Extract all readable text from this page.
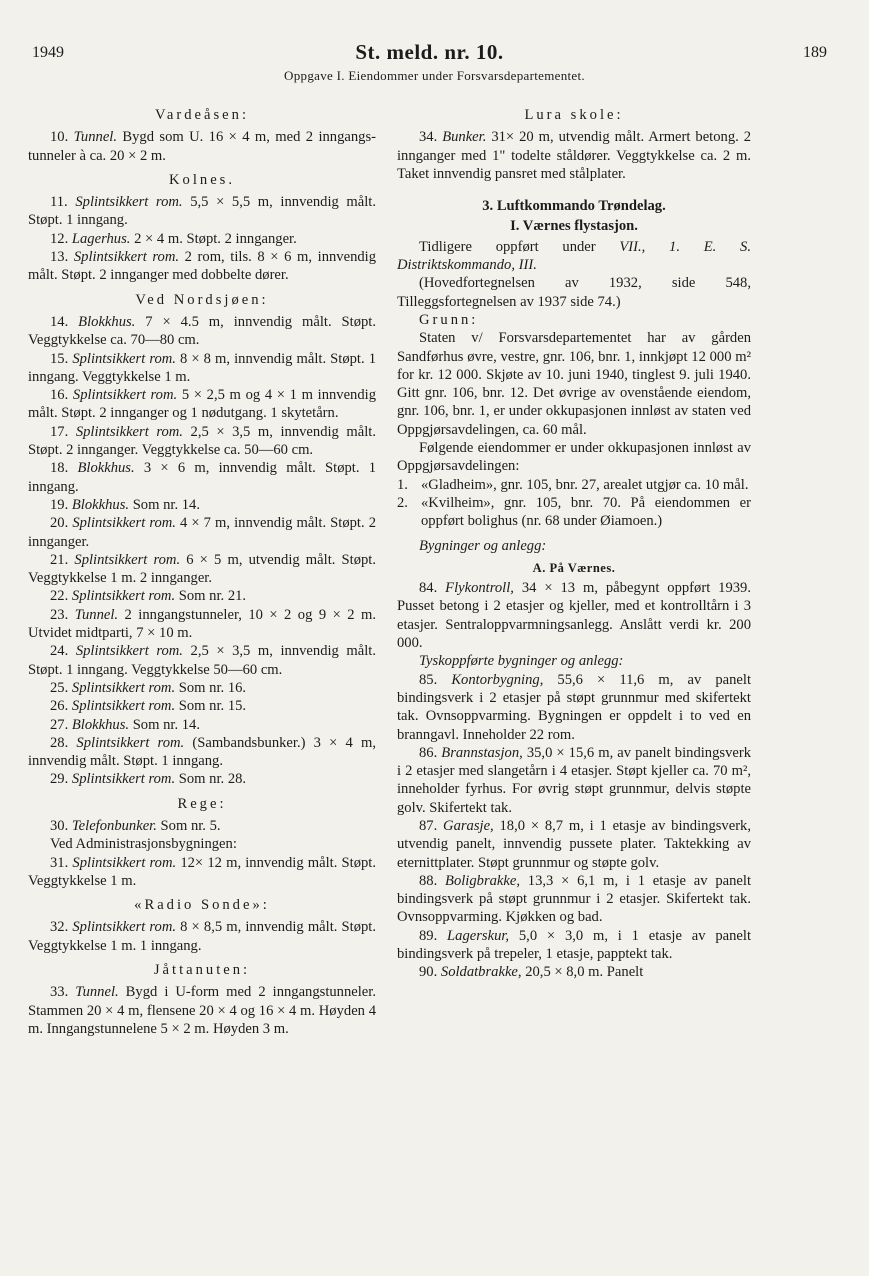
1949	St. meld. nr. 10.	189
Oppgave I. Eiendommer under Forsvarsdepartementet.
Vardeåsen:

10. Tunnel. Bygd som U. 16 × 4 m, med 2 inngangs-tunneler à ca. 20 × 2 m.

Kolnes.

11. Splintsikkert rom. 5,5 × 5,5 m, innvendig målt. Støpt. 1 inngang.

12. Lagerhus. 2 × 4 m. Støpt. 2 innganger.

13. Splintsikkert rom. 2 rom, tils. 8 × 6 m, innvendig målt. Støpt. 2 innganger med dobbelte dører.

Ved Nordsjøen:

14. Blokkhus. 7 × 4.5 m, innvendig målt. Støpt. Veggtykkelse ca. 70—80 cm.

15. Splintsikkert rom. 8 × 8 m, innvendig målt. Støpt. 1 inngang. Veggtykkelse 1 m.

16. Splintsikkert rom. 5 × 2,5 m og 4 × 1 m innvendig målt. Støpt. 2 innganger og 1 nødutgang. 1 skytetårn.

17. Splintsikkert rom. 2,5 × 3,5 m, innvendig målt. Støpt. 2 innganger. Veggtykkelse ca. 50—60 cm.

18. Blokkhus. 3 × 6 m, innvendig målt. Støpt. 1 inngang.

19. Blokkhus. Som nr. 14.

20. Splintsikkert rom. 4 × 7 m, innvendig målt. Støpt. 2 innganger.

21. Splintsikkert rom. 6 × 5 m, utvendig målt. Støpt. Veggtykkelse 1 m. 2 innganger.

22. Splintsikkert rom. Som nr. 21.

23. Tunnel. 2 inngangstunneler, 10 × 2 og 9 × 2 m. Utvidet midtparti, 7 × 10 m.

24. Splintsikkert rom. 2,5 × 3,5 m, innvendig målt. Støpt. 1 inngang. Veggtykkelse 50—60 cm.

25. Splintsikkert rom. Som nr. 16.

26. Splintsikkert rom. Som nr. 15.

27. Blokkhus. Som nr. 14.

28. Splintsikkert rom. (Sambandsbunker.) 3 × 4 m, innvendig målt. Støpt. 1 inngang.

29. Splintsikkert rom. Som nr. 28.

Rege:

30. Telefonbunker. Som nr. 5.

Ved Administrasjonsbygningen:

31. Splintsikkert rom. 12× 12 m, innvendig målt. Støpt. Veggtykkelse 1 m.

«Radio Sonde»:

32. Splintsikkert rom. 8 × 8,5 m, innvendig målt. Støpt. Veggtykkelse 1 m. 1 inngang.

Jåttanuten:

33. Tunnel. Bygd i U-form med 2 inngangstunneler. Stammen 20 × 4 m, flensene 20 × 4 og 16 × 4 m. Høyden 4 m. Inngangstunnelene 5 × 2 m. Høyden 3 m.

Lura skole:

34. Bunker. 31× 20 m, utvendig målt. Armert betong. 2 innganger med 1" todelte ståldører. Veggtykkelse ca. 2 m. Taket innvendig pansret med stålplater.

3. Luftkommando Trøndelag.
I. Værnes flystasjon.

Tidligere oppført under VII., 1. E. S. Distriktskommando, III.

(Hovedfortegnelsen av 1932, side 548, Tilleggsfortegnelsen av 1937 side 74.)

Grunn:

Staten v/ Forsvarsdepartementet har av gården Sandførhus øvre, vestre, gnr. 106, bnr. 1, innkjøpt 12 000 m² for kr. 12 000. Skjøte av 10. juni 1940, tinglest 9. juli 1940. Gitt gnr. 106, bnr. 12. Det øvrige av ovenstående eiendom, gnr. 106, bnr. 1, er under okkupasjonen innløst av staten ved Oppgjørsavdelingen, ca. 60 mål.

Følgende eiendommer er under okkupasjonen innløst av Oppgjørsavdelingen:

1. «Gladheim», gnr. 105, bnr. 27, arealet utgjør ca. 10 mål.
2. «Kvilheim», gnr. 105, bnr. 70. På eiendommen er oppført bolighus (nr. 68 under Øiamoen.)

Bygninger og anlegg:

A. På Værnes.

84. Flykontroll, 34 × 13 m, påbegynt oppført 1939. Pusset betong i 2 etasjer og kjeller, med et kontrolltårn i 3 etasjer. Sentraloppvarmningsanlegg. Anslått verdi kr. 200 000.

Tyskoppførte bygninger og anlegg:

85. Kontorbygning, 55,6 × 11,6 m, av panelt bindingsverk i 2 etasjer på støpt grunnmur med skifertekt tak. Ovnsoppvarming. Bygningen er oppdelt i to ved en branngavl. Inneholder 22 rom.

86. Brannstasjon, 35,0 × 15,6 m, av panelt bindingsverk i 2 etasjer med slangetårn i 4 etasjer. Støpt kjeller ca. 70 m², inneholder fyrhus. For øvrig støpt grunnmur, delvis støpte golv. Skifertekt tak.

87. Garasje, 18,0 × 8,7 m, i 1 etasje av bindingsverk, utvendig panelt, innvendig pussete plater. Taktekking av eternittplater. Støpt grunnmur og støpte golv.

88. Boligbrakke, 13,3 × 6,1 m, i 1 etasje av panelt bindingsverk på støpt grunnmur i 2 etasjer. Skifertekt tak. Ovnsoppvarming. Kjøkken og bad.

89. Lagerskur, 5,0 × 3,0 m, i 1 etasje av panelt bindingsverk på trepeler, 1 etasje, papptekt tak.

90. Soldatbrakke, 20,5 × 8,0 m. Panelt
